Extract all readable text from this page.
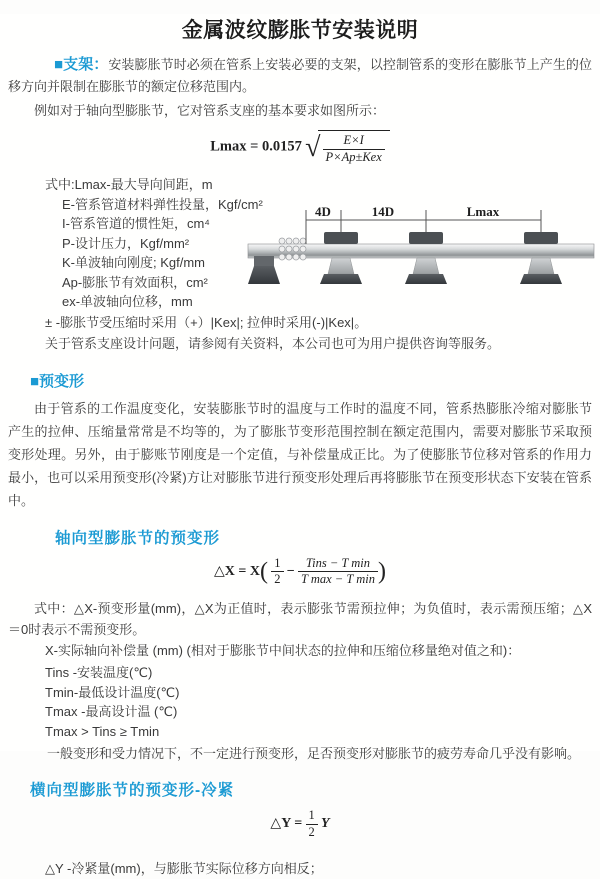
金属波纹膨胀节安装说明

■支架：安装膨胀节时必须在管系上安装必要的支架，以控制管系的变形在膨胀节上产生的位移方向并限制在膨胀节的额定位移范围内。

例如对于轴向型膨胀节，它对管系支座的基本要求如图所示：

Lmax = 0.0157 √ $\frac{E\times I}{\text{P×Ap±Kex}}$

式中:Lmax-最大导向间距，m

E-管系管道材料弹性投量，Kgf/cm²

I-管系管道的惯性矩，cm⁴

P-设计压力，Kgf/mm²

K-单波轴向刚度; Kgf/mm

Ap-膨胀节有效面积，cm²

ex-单波轴向位移，mm

± -膨胀节受压缩时采用（+）|Kex|; 拉伸时采用(-)|Kex|。

关于管系支座设计问题，请参阅有关资料，本公司也可为用户提供咨询等服务。

4D	14D	Lmax
■预变形

由于管系的工作温度变化，安装膨胀节时的温度与工作时的温度不同，管系热膨胀冷缩对膨胀节产生的拉伸、压缩量常常是不均等的，为了膨胀节变形范围控制在额定范围内，需要对膨胀节采取预变形处理。另外，由于膨账节刚度是一个定值，与补偿量成正比。为了使膨胀节位移对管系的作用力最小，也可以采用预变形(冷紧)方让对膨胀节进行预变形处理后再将膨胀节在预变形状态下安装在管系中。

轴向型膨胀节的预变形
△X = $X( \frac{1}{2} - \frac{\text{Tins − T min}}{\text{T max − T min}}$ )

式中：△X-预变形量(mm)，△X为正值时，表示膨张节需预拉伸；为负值时，表示需预压缩；△X＝0时表示不需预变形。

X-实际轴向补偿量 (mm) (相对于膨胀节中间状态的拉伸和压缩位移量绝对值之和)：

Tins -安装温度(℃)

Tmin-最低设计温度(℃)

Tmax -最高设计温 (℃)

Tmax > Tins ≥ Tmin

一般变形和受力情况下，不一定进行预变形，足否预变形对膨胀节的疲劳寿命几乎没有影响。

横向型膨胀节的预变形-冷紧
△Y = $\frac{1}{2}$ Y

△Y -冷紧量(mm)，与膨胀节实际位移方向相反；
